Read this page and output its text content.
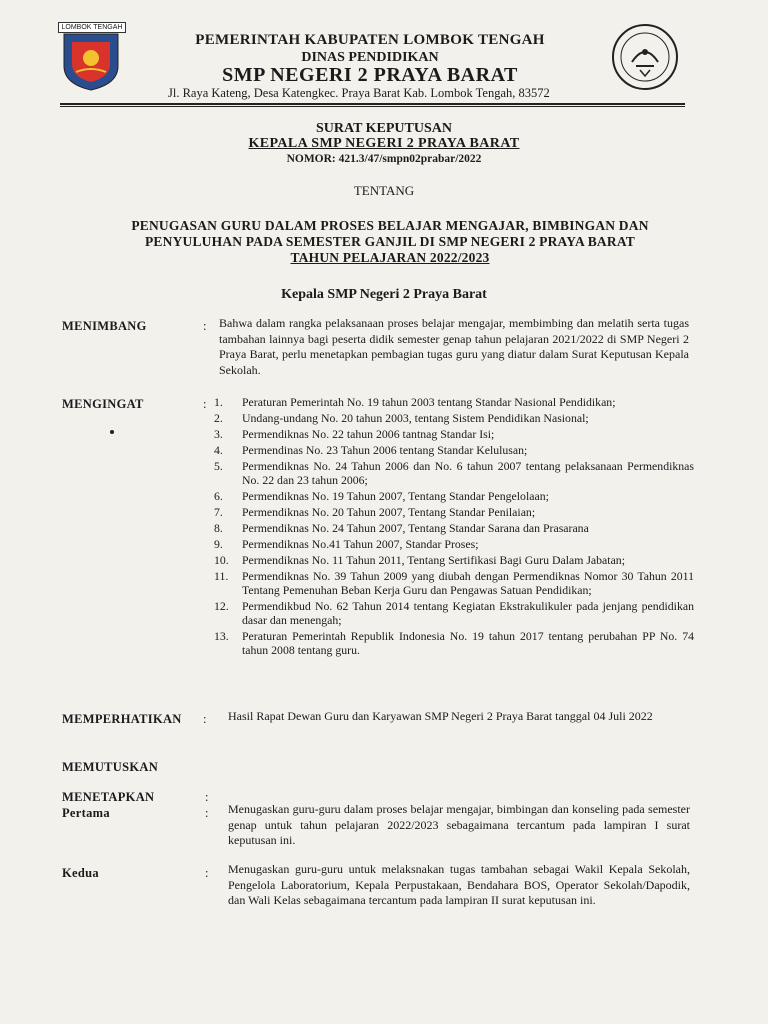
LOMBOK TENGAH
PEMERINTAH KABUPATEN LOMBOK TENGAH
DINAS PENDIDIKAN
SMP NEGERI 2 PRAYA BARAT
Jl. Raya Kateng, Desa Katengkec. Praya Barat Kab. Lombok Tengah, 83572
SURAT KEPUTUSAN
KEPALA SMP NEGERI 2 PRAYA BARAT
NOMOR: 421.3/47/smpn02prabar/2022
TENTANG
PENUGASAN GURU DALAM PROSES BELAJAR MENGAJAR, BIMBINGAN DAN
PENYULUHAN PADA SEMESTER GANJIL DI SMP NEGERI 2 PRAYA BARAT
TAHUN PELAJARAN 2022/2023
Kepala SMP Negeri 2 Praya Barat
MENIMBANG	: Bahwa dalam rangka pelaksanaan proses belajar mengajar, membimbing dan melatih serta tugas tambahan lainnya bagi peserta didik semester genap tahun pelajaran 2021/2022 di SMP Negeri 2 Praya Barat, perlu menetapkan pembagian tugas guru yang diatur dalam Surat Keputusan Kepala Sekolah.
MENGINGAT	: 1.	Peraturan Pemerintah No. 19 tahun 2003 tentang Standar Nasional Pendidikan;
2.	Undang-undang No. 20 tahun 2003, tentang Sistem Pendidikan Nasional;
3.	Permendiknas No. 22 tahun 2006 tantnag Standar Isi;
4.	Permendinas No. 23 Tahun 2006 tentang Standar Kelulusan;
5.	Permendiknas No. 24 Tahun 2006 dan No. 6 tahun 2007 tentang pelaksanaan Permendiknas No. 22 dan 23 tahun 2006;
6.	Permendiknas No. 19 Tahun 2007, Tentang Standar Pengelolaan;
7.	Permendiknas No. 20 Tahun 2007, Tentang Standar Penilaian;
8.	Permendiknas No. 24 Tahun 2007, Tentang Standar Sarana dan Prasarana
9.	Permendiknas No.41 Tahun 2007, Standar Proses;
10.	Permendiknas No. 11 Tahun 2011, Tentang Sertifikasi Bagi Guru Dalam Jabatan;
11.	Permendiknas No. 39 Tahun 2009 yang diubah dengan Permendiknas Nomor 30 Tahun 2011 Tentang Pemenuhan Beban Kerja Guru dan Pengawas Satuan Pendidikan;
12.	Permendikbud No. 62 Tahun 2014 tentang Kegiatan Ekstrakulikuler pada jenjang pendidikan dasar dan menengah;
13.	Peraturan Pemerintah Republik Indonesia No. 19 tahun 2017 tentang perubahan PP No. 74 tahun 2008 tentang guru.
MEMPERHATIKAN : Hasil Rapat Dewan Guru dan Karyawan SMP Negeri 2 Praya Barat tanggal 04 Juli 2022
MEMUTUSKAN
MENETAPKAN	:
Pertama	: Menugaskan guru-guru dalam proses belajar mengajar, bimbingan dan konseling pada semester genap untuk tahun pelajaran 2022/2023 sebagaimana tercantum pada lampiran I surat keputusan ini.
Kedua	: Menugaskan guru-guru untuk melaksnakan tugas tambahan sebagai Wakil Kepala Sekolah, Pengelola Laboratorium, Kepala Perpustakaan, Bendahara BOS, Operator Sekolah/Dapodik, dan Wali Kelas sebagaimana tercantum pada lampiran II surat keputusan ini.
